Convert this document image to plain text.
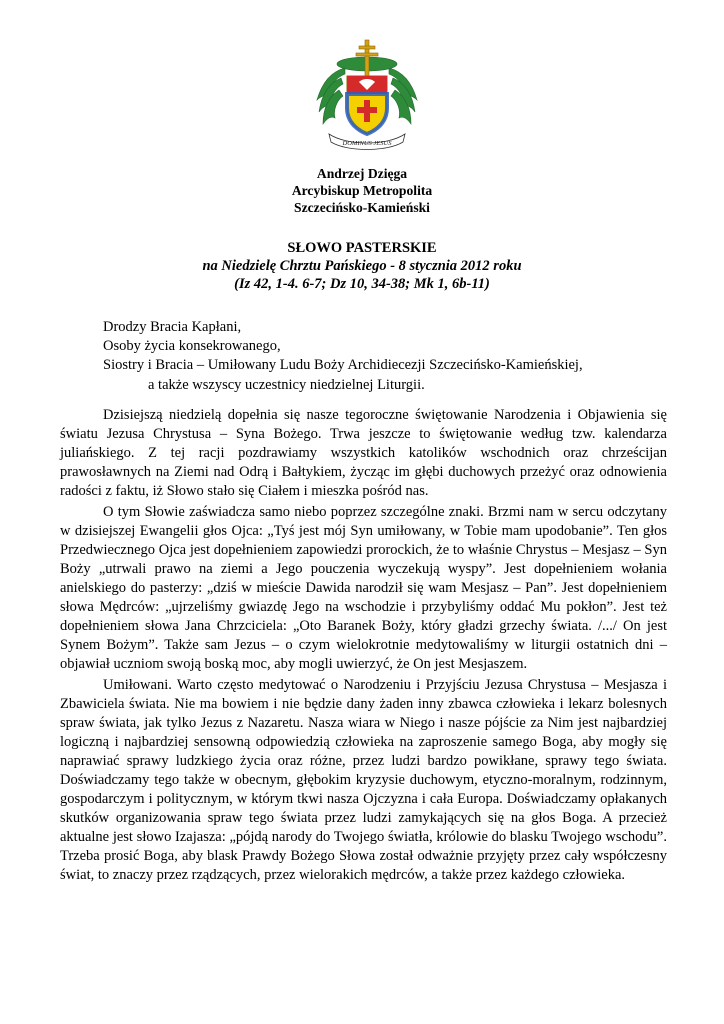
DOMINUS JESUS
Andrzej Dzięga
Arcybiskup Metropolita
Szczecińsko-Kamieński
SŁOWO PASTERSKIE
na Niedzielę Chrztu Pańskiego - 8 stycznia 2012 roku
(Iz 42, 1-4. 6-7; Dz 10, 34-38; Mk 1, 6b-11)
Drodzy Bracia Kapłani,
Osoby życia konsekrowanego,
Siostry i Bracia – Umiłowany Ludu Boży Archidiecezji Szczecińsko-Kamieńskiej,
a także wszyscy uczestnicy niedzielnej Liturgii.

Dzisiejszą niedzielą dopełnia się nasze tegoroczne świętowanie Narodzenia i Objawienia się światu Jezusa Chrystusa – Syna Bożego. Trwa jeszcze to świętowanie według tzw. kalendarza juliańskiego. Z tej racji pozdrawiamy wszystkich katolików wschodnich oraz chrześcijan prawosławnych na Ziemi nad Odrą i Bałtykiem, życząc im głębi duchowych przeżyć oraz odnowienia radości z faktu, iż Słowo stało się Ciałem i mieszka pośród nas.

O tym Słowie zaświadcza samo niebo poprzez szczególne znaki. Brzmi nam w sercu odczytany w dzisiejszej Ewangelii głos Ojca: „Tyś jest mój Syn umiłowany, w Tobie mam upodobanie”. Ten głos Przedwiecznego Ojca jest dopełnieniem zapowiedzi prorockich, że to właśnie Chrystus – Mesjasz – Syn Boży „utrwali prawo na ziemi a Jego pouczenia wyczekują wyspy”. Jest dopełnieniem wołania anielskiego do pasterzy: „dziś w mieście Dawida narodził się wam Mesjasz – Pan”. Jest dopełnieniem słowa Mędrców: „ujrzeliśmy gwiazdę Jego na wschodzie i przybyliśmy oddać Mu pokłon”. Jest też dopełnieniem słowa Jana Chrzciciela: „Oto Baranek Boży, który gładzi grzechy świata. /.../ On jest Synem Bożym”. Także sam Jezus – o czym wielokrotnie medytowaliśmy w liturgii ostatnich dni – objawiał uczniom swoją boską moc, aby mogli uwierzyć, że On jest Mesjaszem.

Umiłowani. Warto często medytować o Narodzeniu i Przyjściu Jezusa Chrystusa – Mesjasza i Zbawiciela świata. Nie ma bowiem i nie będzie dany żaden inny zbawca człowieka i lekarz bolesnych spraw świata, jak tylko Jezus z Nazaretu. Nasza wiara w Niego i nasze pójście za Nim jest najbardziej logiczną i najbardziej sensowną odpowiedzią człowieka na zaproszenie samego Boga, aby mogły się naprawiać sprawy ludzkiego życia oraz różne, przez ludzi bardzo powikłane, sprawy tego świata. Doświadczamy tego także w obecnym, głębokim kryzysie duchowym, etyczno-moralnym, rodzinnym, gospodarczym i politycznym, w którym tkwi nasza Ojczyzna i cała Europa. Doświadczamy opłakanych skutków organizowania spraw tego świata przez ludzi zamykających się na głos Boga. A przecież aktualne jest słowo Izajasza: „pójdą narody do Twojego światła, królowie do blasku Twojego wschodu”. Trzeba prosić Boga, aby blask Prawdy Bożego Słowa został odważnie przyjęty przez cały współczesny świat, to znaczy przez rządzących, przez wielorakich mędrców, a także przez każdego człowieka.
